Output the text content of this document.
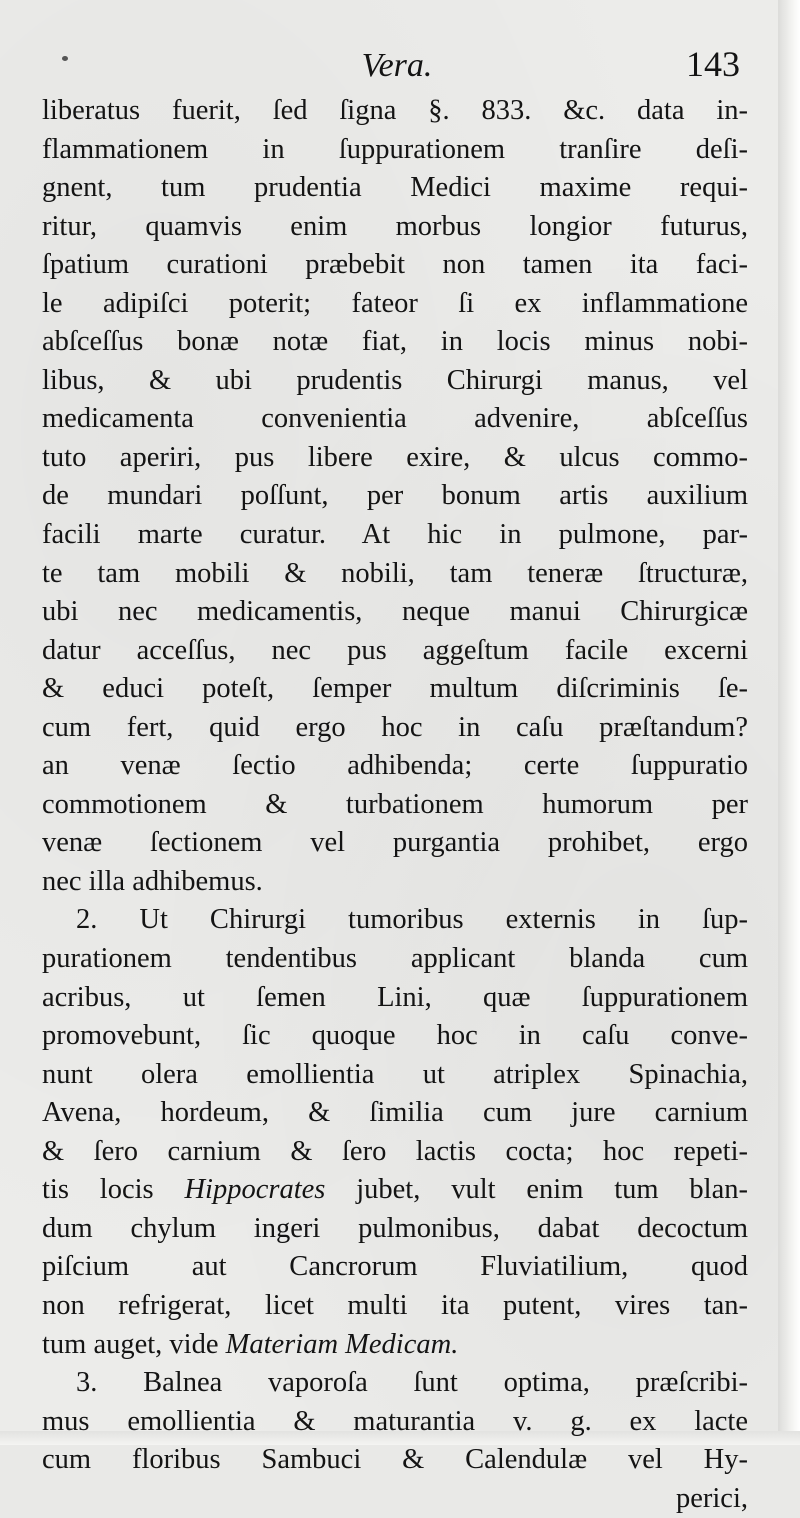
Vera.	143
liberatus fuerit, ſed ſigna §. 833. &c. data in-
flammationem in ſuppurationem tranſire deſi-
gnent, tum prudentia Medici maxime requi-
ritur, quamvis enim morbus longior futurus,
ſpatium curationi præbebit non tamen ita faci-
le adipiſci poterit; fateor ſi ex inflammatione
abſceſſus bonæ notæ fiat, in locis minus nobi-
libus, & ubi prudentis Chirurgi manus, vel
medicamenta convenientia advenire, abſceſſus
tuto aperiri, pus libere exire, & ulcus commo-
de mundari poſſunt, per bonum artis auxilium
facili marte curatur. At hic in pulmone, par-
te tam mobili & nobili, tam teneræ ſtructuræ,
ubi nec medicamentis, neque manui Chirurgicæ
datur acceſſus, nec pus aggeſtum facile excerni
& educi poteſt, ſemper multum diſcriminis ſe-
cum fert, quid ergo hoc in caſu præſtandum?
an venæ ſectio adhibenda; certe ſuppuratio
commotionem & turbationem humorum per
venæ ſectionem vel purgantia prohibet, ergo
nec illa adhibemus.
2. Ut Chirurgi tumoribus externis in ſup-
purationem tendentibus applicant blanda cum
acribus, ut ſemen Lini, quæ ſuppurationem
promovebunt, ſic quoque hoc in caſu conve-
nunt olera emollientia ut atriplex Spinachia,
Avena, hordeum, & ſimilia cum jure carnium
& ſero carnium & ſero lactis cocta; hoc repeti-
tis locis Hippocrates jubet, vult enim tum blan-
dum chylum ingeri pulmonibus, dabat decoctum
piſcium aut Cancrorum Fluviatilium, quod
non refrigerat, licet multi ita putent, vires tan-
tum auget, vide Materiam Medicam.
3. Balnea vaporoſa ſunt optima, præſcribi-
mus emollientia & maturantia v. g. ex lacte
cum floribus Sambuci & Calendulæ vel Hy-
perici,
